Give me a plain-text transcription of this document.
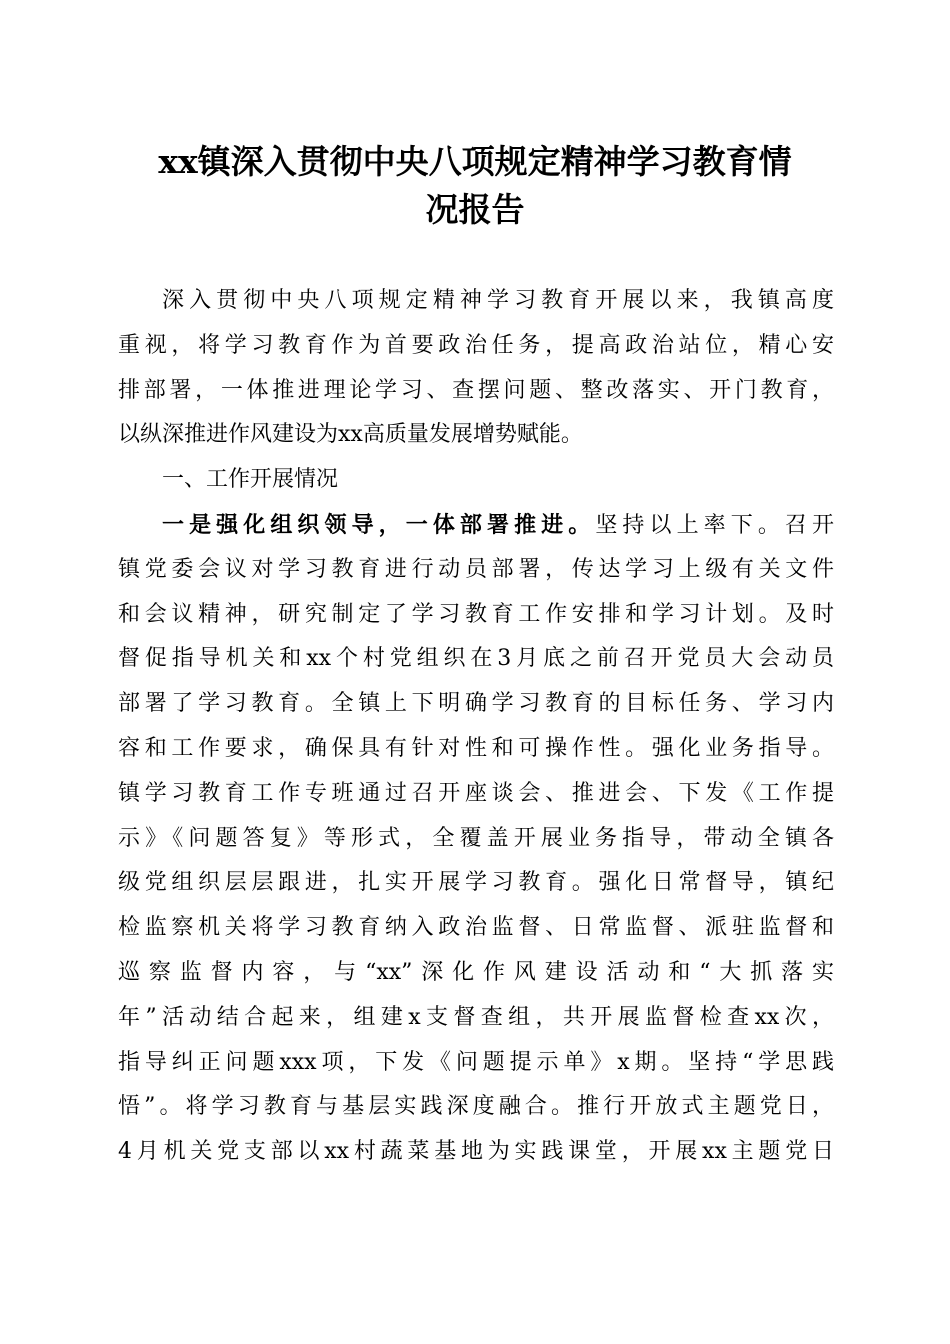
xx镇深入贯彻中央八项规定精神学习教育情
况报告
深入贯彻中央八项规定精神学习教育开展以来，我镇高度
重视，将学习教育作为首要政治任务，提高政治站位，精心安
排部署，一体推进理论学习、查摆问题、整改落实、开门教育，
以纵深推进作风建设为xx高质量发展增势赋能。
一、工作开展情况
一是强化组织领导，一体部署推进。坚持以上率下。召开
镇党委会议对学习教育进行动员部署，传达学习上级有关文件
和会议精神，研究制定了学习教育工作安排和学习计划。及时
督促指导机关和xx个村党组织在3月底之前召开党员大会动员
部署了学习教育。全镇上下明确学习教育的目标任务、学习内
容和工作要求，确保具有针对性和可操作性。强化业务指导。
镇学习教育工作专班通过召开座谈会、推进会、下发《工作提
示》《问题答复》等形式，全覆盖开展业务指导，带动全镇各
级党组织层层跟进，扎实开展学习教育。强化日常督导，镇纪
检监察机关将学习教育纳入政治监督、日常监督、派驻监督和
巡察监督内容，与“xx”深化作风建设活动和“大抓落实
年”活动结合起来，组建x支督查组，共开展监督检查xx次，
指导纠正问题xxx项，下发《问题提示单》x期。坚持“学思践
悟”。将学习教育与基层实践深度融合。推行开放式主题党日，
4月机关党支部以xx村蔬菜基地为实践课堂，开展xx主题党日
